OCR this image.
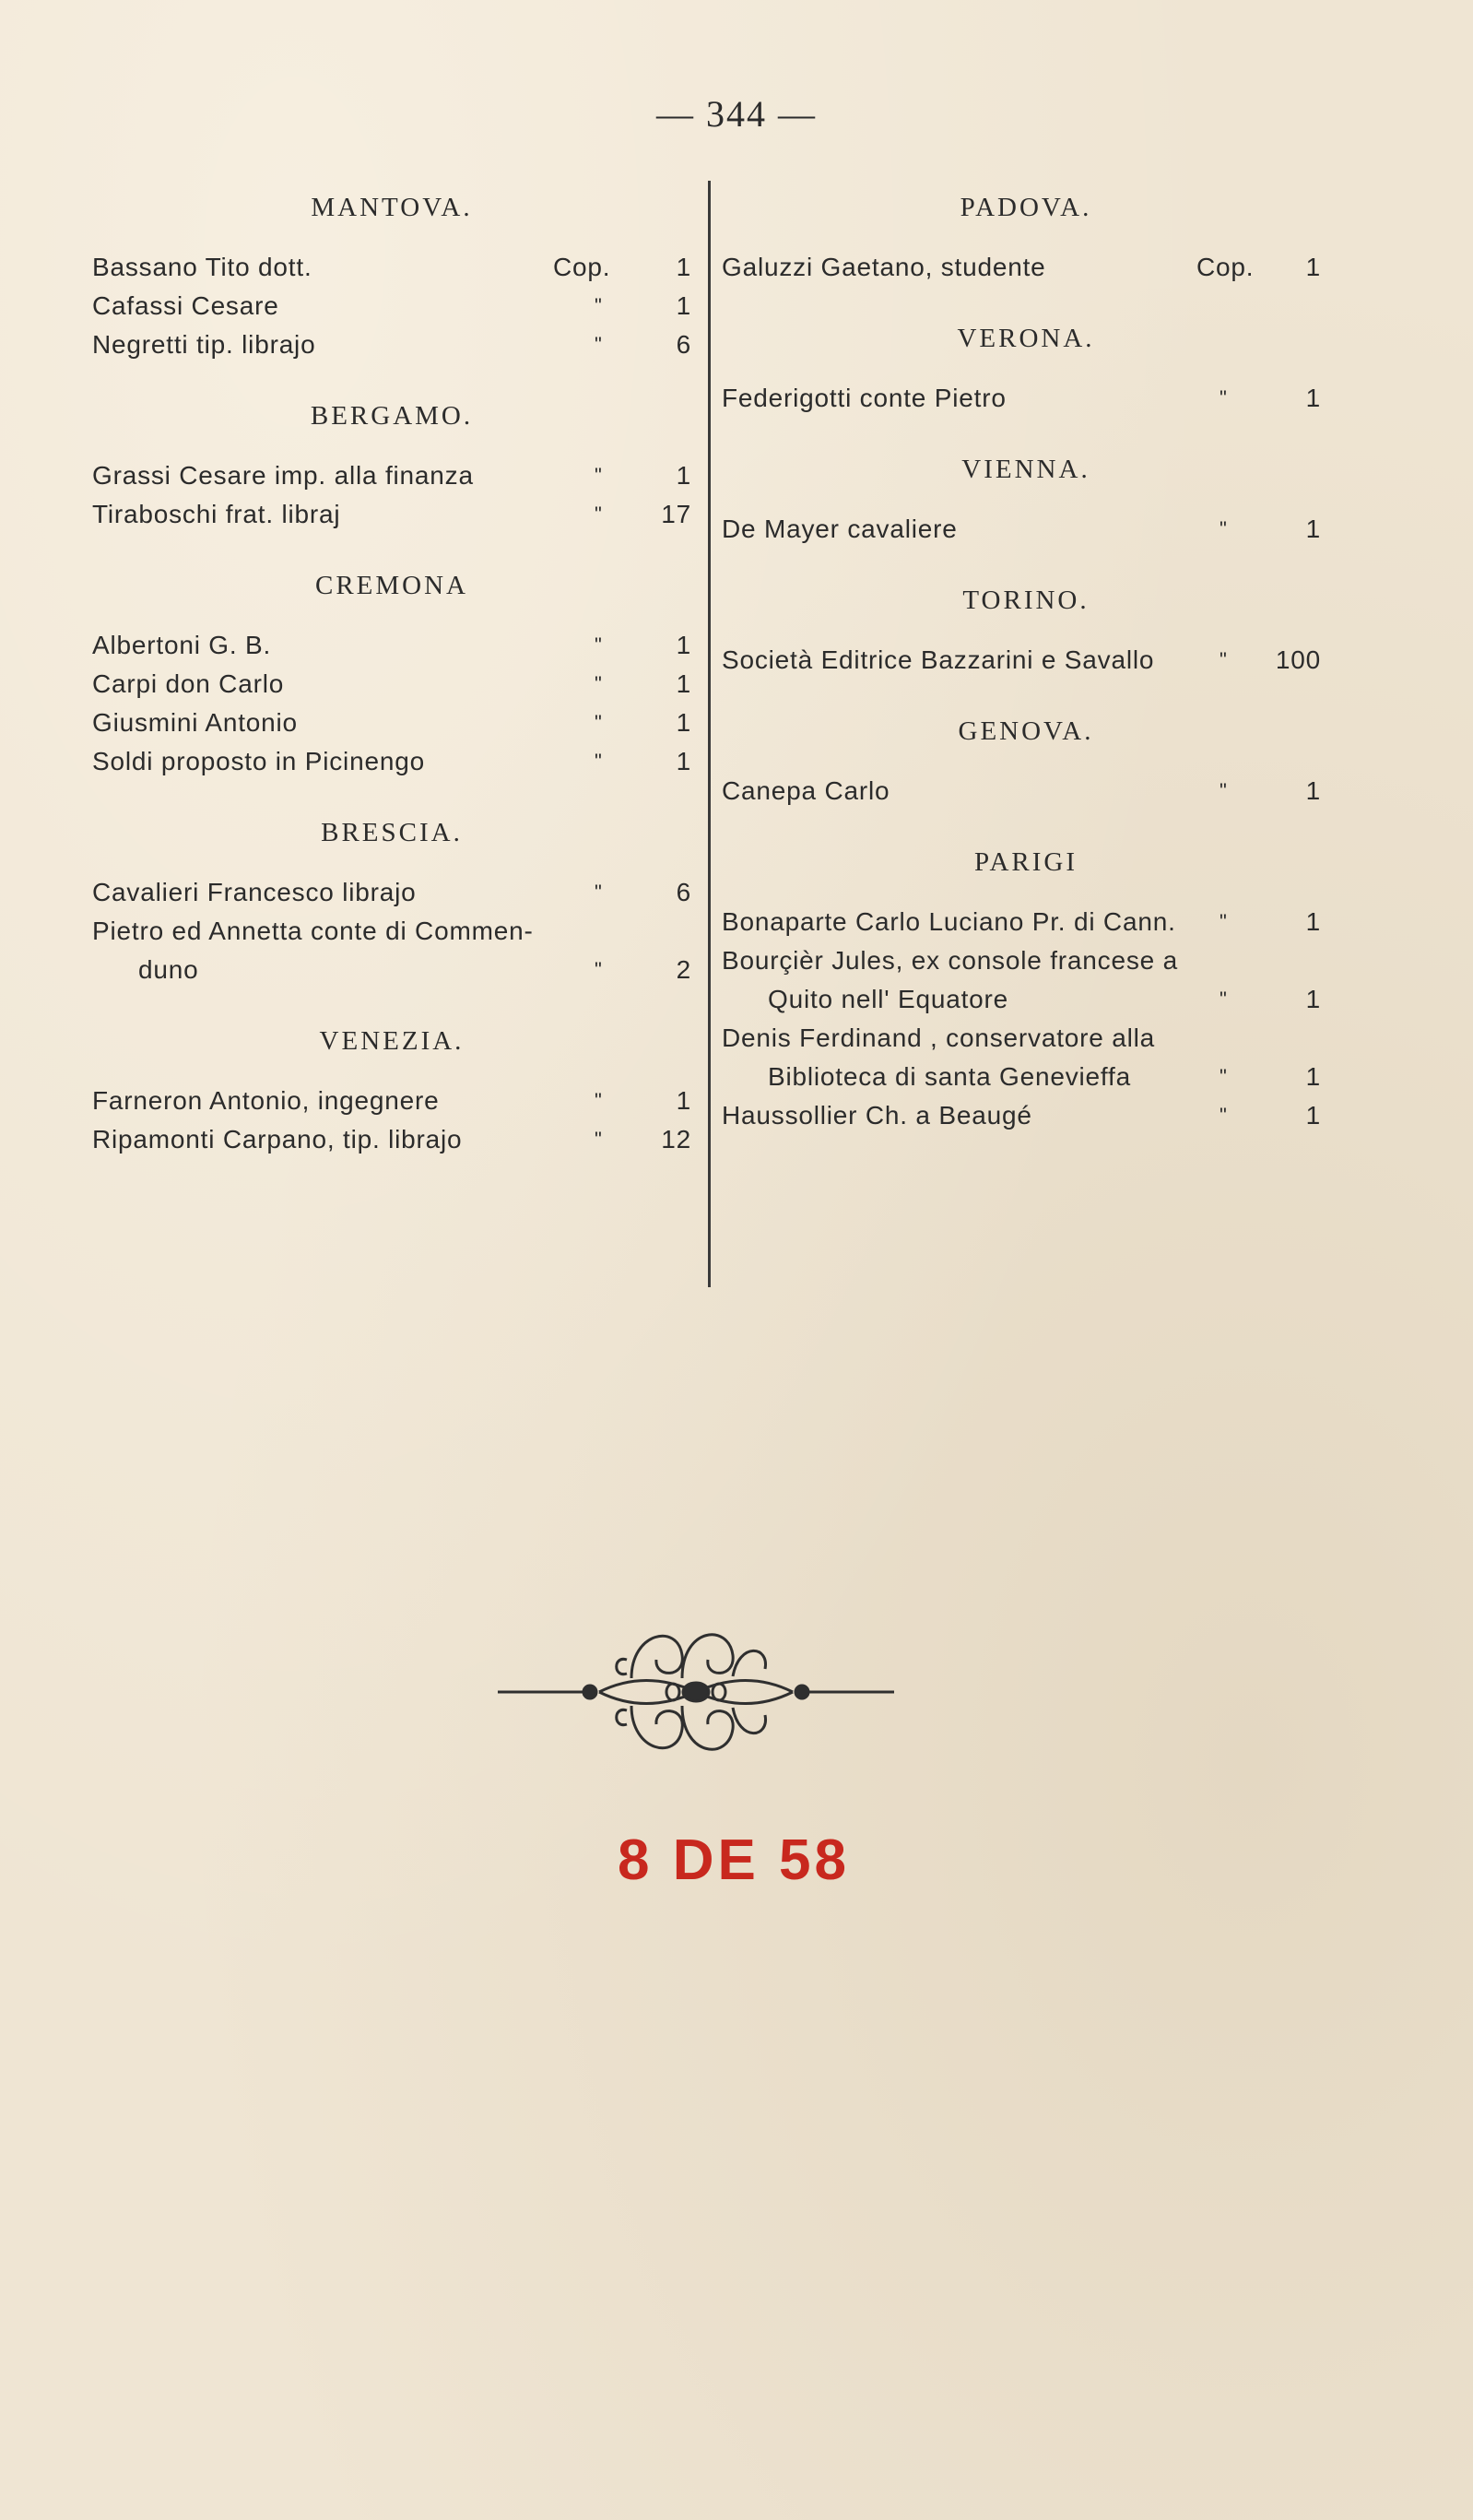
— 344 —
MANTOVA.
Bassano Tito dott.	Cop.	1
Cafassi Cesare	"	1
Negretti tip. librajo	"	6
BERGAMO.
Grassi Cesare imp. alla finanza	"	1
Tiraboschi frat. libraj	"	17
CREMONA
Albertoni G. B.	"	1
Carpi don Carlo	"	1
Giusmini Antonio	"	1
Soldi proposto in Picinengo	"	1
BRESCIA.
Cavalieri Francesco librajo	"	6
Pietro ed Annetta conte di Commen-
duno	"	2
VENEZIA.
Farneron Antonio, ingegnere	"	1
Ripamonti Carpano, tip. librajo	"	12
PADOVA.
Galuzzi Gaetano, studente	Cop.	1
VERONA.
Federigotti conte Pietro	"	1
VIENNA.
De Mayer cavaliere	"	1
TORINO.
Società Editrice Bazzarini e Savallo	" 100
GENOVA.
Canepa Carlo	"	1
PARIGI
Bonaparte Carlo Luciano Pr. di Cann. "	1
Bourçièr Jules, ex console francese a
Quito nell' Equatore	"	1
Denis Ferdinand , conservatore alla
Biblioteca di santa Genevieffa	"	1
Haussollier Ch. a Beaugé	"	1
8 DE 58
